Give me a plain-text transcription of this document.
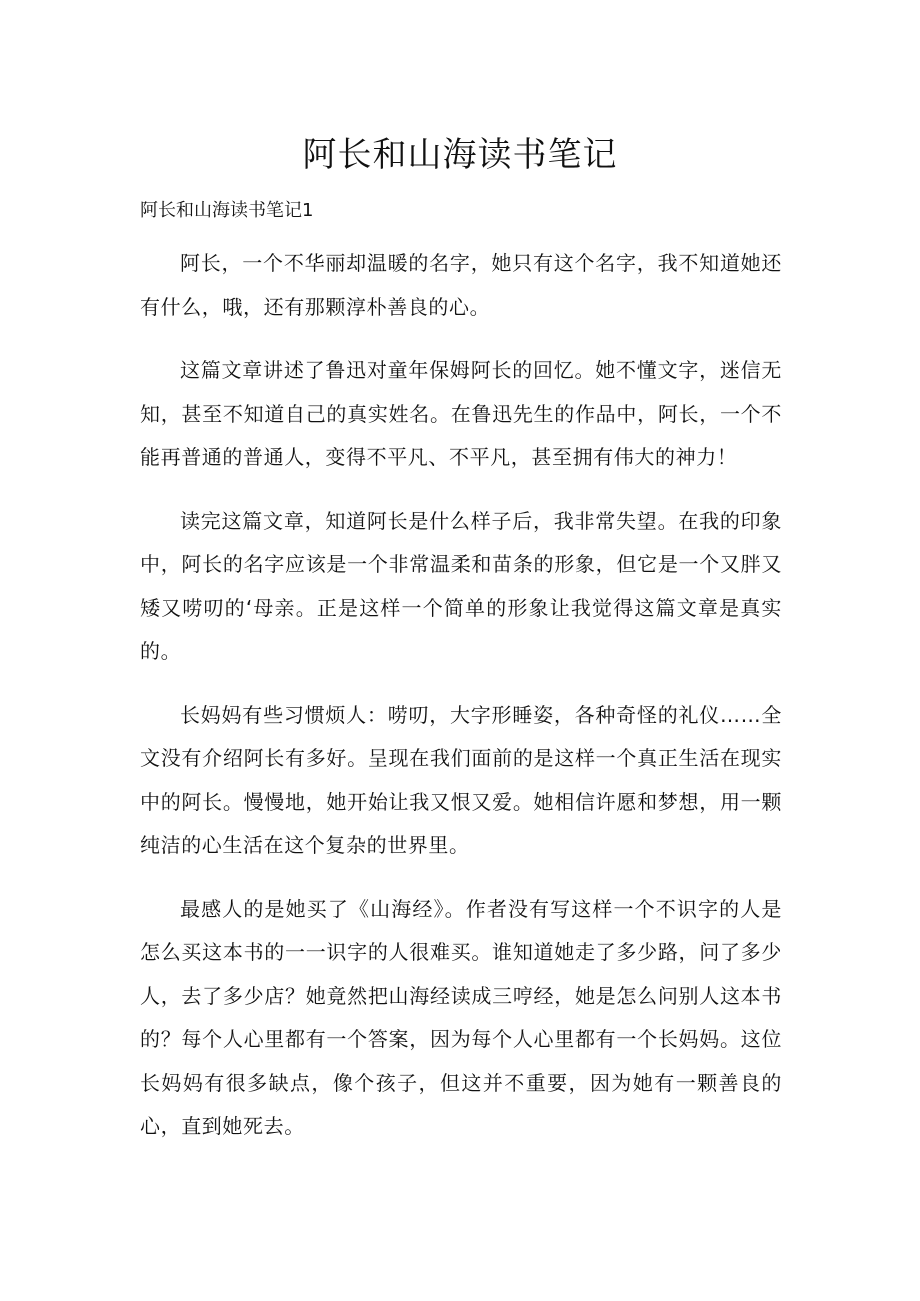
阿长和山海读书笔记
阿长和山海读书笔记1

阿长，一个不华丽却温暖的名字，她只有这个名字，我不知道她还有什么，哦，还有那颗淳朴善良的心。

这篇文章讲述了鲁迅对童年保姆阿长的回忆。她不懂文字，迷信无知，甚至不知道自己的真实姓名。在鲁迅先生的作品中，阿长，一个不能再普通的普通人，变得不平凡、不平凡，甚至拥有伟大的神力！

读完这篇文章，知道阿长是什么样子后，我非常失望。在我的印象中，阿长的名字应该是一个非常温柔和苗条的形象，但它是一个又胖又矮又唠叨的‘母亲。正是这样一个简单的形象让我觉得这篇文章是真实的。

长妈妈有些习惯烦人：唠叨，大字形睡姿，各种奇怪的礼仪……全文没有介绍阿长有多好。呈现在我们面前的是这样一个真正生活在现实中的阿长。慢慢地，她开始让我又恨又爱。她相信许愿和梦想，用一颗纯洁的心生活在这个复杂的世界里。

最感人的是她买了《山海经》。作者没有写这样一个不识字的人是怎么买这本书的一一识字的人很难买。谁知道她走了多少路，问了多少人，去了多少店？她竟然把山海经读成三哼经，她是怎么问别人这本书的？每个人心里都有一个答案，因为每个人心里都有一个长妈妈。这位长妈妈有很多缺点，像个孩子，但这并不重要，因为她有一颗善良的心，直到她死去。
